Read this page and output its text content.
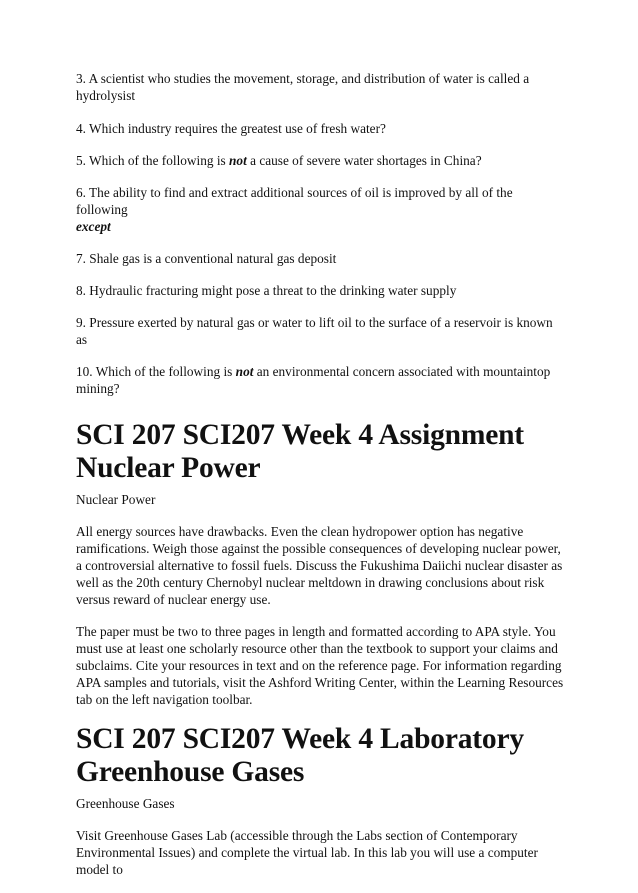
3. A scientist who studies the movement, storage, and distribution of water is called a hydrolysist

4. Which industry requires the greatest use of fresh water?

5. Which of the following is not a cause of severe water shortages in China?

6. The ability to find and extract additional sources of oil is improved by all of the following
except

7. Shale gas is a conventional natural gas deposit

8. Hydraulic fracturing might pose a threat to the drinking water supply

9. Pressure exerted by natural gas or water to lift oil to the surface of a reservoir is known as

10. Which of the following is not an environmental concern associated with mountaintop mining?

SCI 207 SCI207 Week 4 Assignment Nuclear Power

Nuclear Power

All energy sources have drawbacks. Even the clean hydropower option has negative ramifications. Weigh those against the possible consequences of developing nuclear power, a controversial alternative to fossil fuels. Discuss the Fukushima Daiichi nuclear disaster as well as the 20th century Chernobyl nuclear meltdown in drawing conclusions about risk versus reward of nuclear energy use.

The paper must be two to three pages in length and formatted according to APA style. You must use at least one scholarly resource other than the textbook to support your claims and subclaims. Cite your resources in text and on the reference page. For information regarding APA samples and tutorials, visit the Ashford Writing Center, within the Learning Resources tab on the left navigation toolbar.

SCI 207 SCI207 Week 4 Laboratory Greenhouse Gases

Greenhouse Gases

Visit Greenhouse Gases Lab (accessible through the Labs section of Contemporary Environmental Issues) and complete the virtual lab. In this lab you will use a computer model to
